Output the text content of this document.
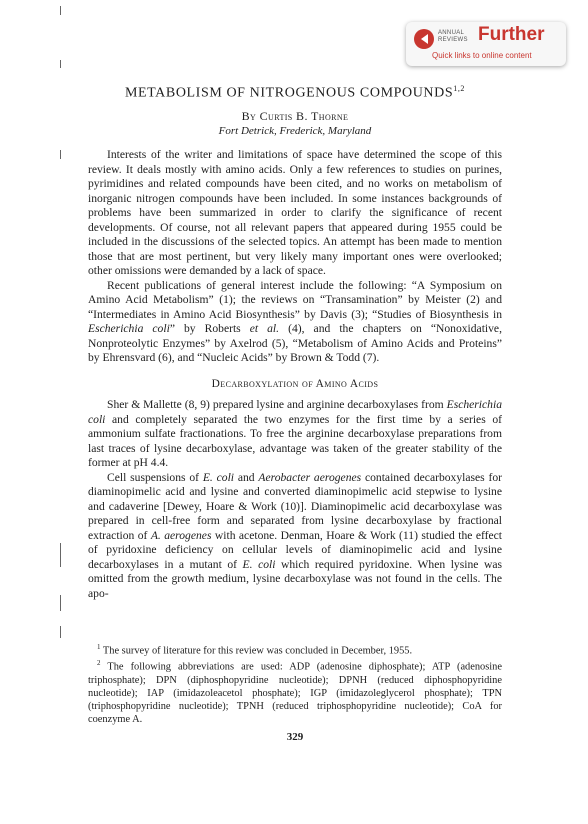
ANNUAL
REVIEWS Further
Quick links to online content
METABOLISM OF NITROGENOUS COMPOUNDS$^{1,2}$
By Curtis B. Thorne
Fort Detrick, Frederick, Maryland

Interests of the writer and limitations of space have determined the scope of this review. It deals mostly with amino acids. Only a few references to studies on purines, pyrimidines and related compounds have been cited, and no works on metabolism of inorganic nitrogen compounds have been included. In some instances backgrounds of problems have been summarized in order to clarify the significance of recent developments. Of course, not all relevant papers that appeared during 1955 could be included in the discussions of the selected topics. An attempt has been made to mention those that are most pertinent, but very likely many important ones were overlooked; other omissions were demanded by a lack of space.

Recent publications of general interest include the following: “A Symposium on Amino Acid Metabolism” (1); the reviews on “Transamination” by Meister (2) and “Intermediates in Amino Acid Biosynthesis” by Davis (3); “Studies of Biosynthesis in Escherichia coli” by Roberts et al. (4), and the chapters on “Nonoxidative, Nonproteolytic Enzymes” by Axelrod (5), “Metabolism of Amino Acids and Proteins” by Ehrensvard (6), and “Nucleic Acids” by Brown & Todd (7).

Decarboxylation of Amino Acids

Sher & Mallette (8, 9) prepared lysine and arginine decarboxylases from Escherichia coli and completely separated the two enzymes for the first time by a series of ammonium sulfate fractionations. To free the arginine decarboxylase preparations from last traces of lysine decarboxylase, advantage was taken of the greater stability of the former at pH 4.4.

Cell suspensions of E. coli and Aerobacter aerogenes contained decarboxylases for diaminopimelic acid and lysine and converted diaminopimelic acid stepwise to lysine and cadaverine [Dewey, Hoare & Work (10)]. Diaminopimelic acid decarboxylase was prepared in cell-free form and separated from lysine decarboxylase by fractional extraction of A. aerogenes with acetone. Denman, Hoare & Work (11) studied the effect of pyridoxine deficiency on cellular levels of diaminopimelic acid and lysine decarboxylases in a mutant of E. coli which required pyridoxine. When lysine was omitted from the growth medium, lysine decarboxylase was not found in the cells. The apo-

$^1$ The survey of literature for this review was concluded in December, 1955.

$^2$ The following abbreviations are used: ADP (adenosine diphosphate); ATP (adenosine triphosphate); DPN (diphosphopyridine nucleotide); DPNH (reduced diphosphopyridine nucleotide); IAP (imidazoleacetol phosphate); IGP (imidazoleglycerol phosphate); TPN (triphosphopyridine nucleotide); TPNH (reduced triphosphopyridine nucleotide); CoA for coenzyme A.

329
